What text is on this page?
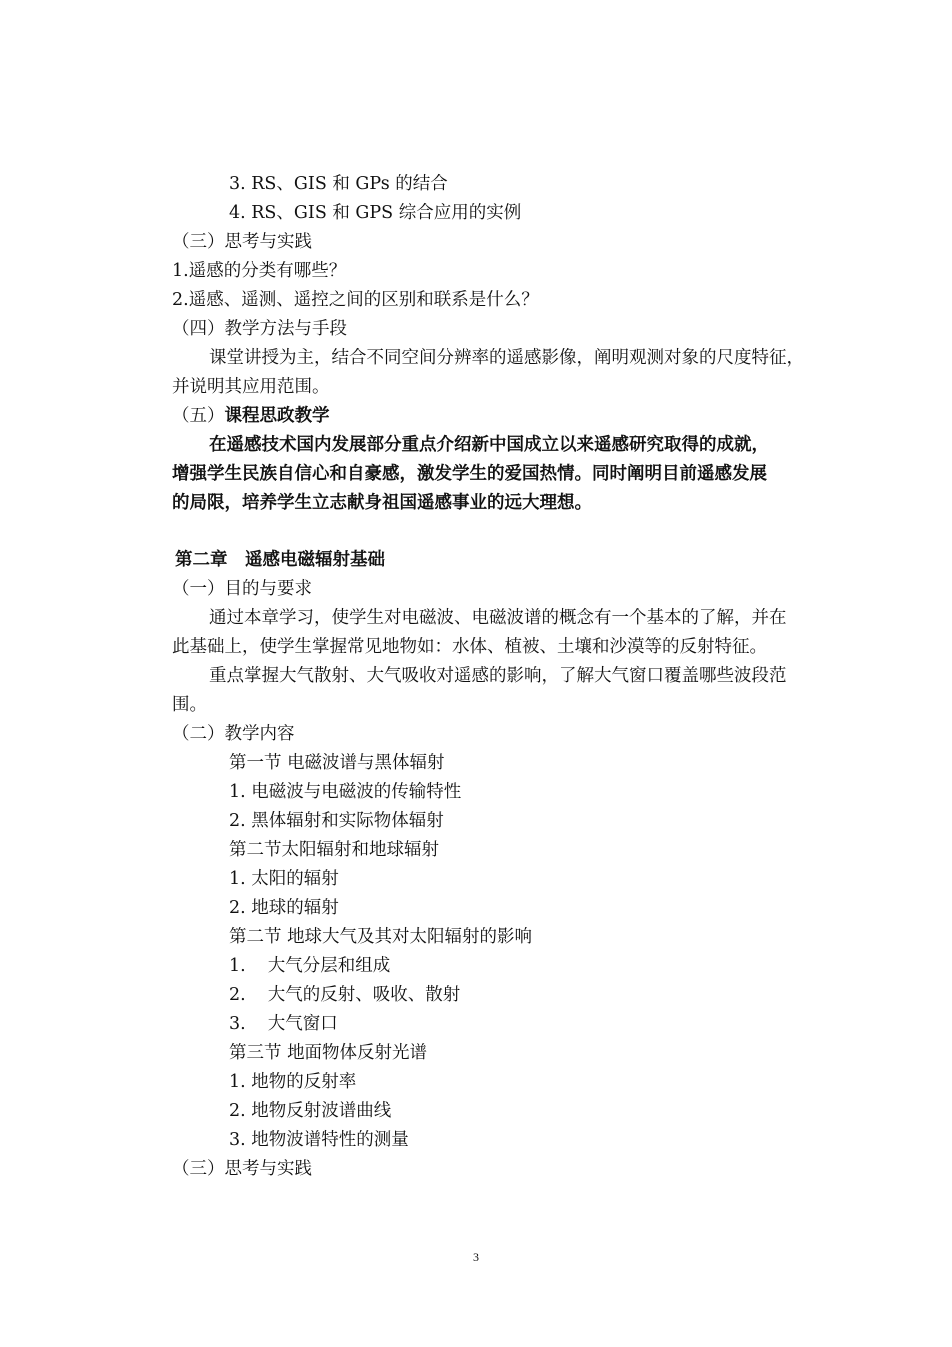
3. RS、GIS 和 GPs 的结合
4. RS、GIS 和 GPS 综合应用的实例
（三）思考与实践
1.遥感的分类有哪些？
2.遥感、遥测、遥控之间的区别和联系是什么？
（四）教学方法与手段
课堂讲授为主，结合不同空间分辨率的遥感影像，阐明观测对象的尺度特征，
并说明其应用范围。
（五）课程思政教学
在遥感技术国内发展部分重点介绍新中国成立以来遥感研究取得的成就，
增强学生民族自信心和自豪感，激发学生的爱国热情。同时阐明目前遥感发展
的局限，培养学生立志献身祖国遥感事业的远大理想。
第二章　遥感电磁辐射基础
（一）目的与要求
通过本章学习，使学生对电磁波、电磁波谱的概念有一个基本的了解，并在
此基础上，使学生掌握常见地物如：水体、植被、土壤和沙漠等的反射特征。
重点掌握大气散射、大气吸收对遥感的影响，了解大气窗口覆盖哪些波段范
围。
（二）教学内容
第一节 电磁波谱与黑体辐射
1. 电磁波与电磁波的传输特性
2. 黑体辐射和实际物体辐射
第二节太阳辐射和地球辐射
1. 太阳的辐射
2. 地球的辐射
第二节 地球大气及其对太阳辐射的影响
1. 大气分层和组成
2. 大气的反射、吸收、散射
3. 大气窗口
第三节 地面物体反射光谱
1. 地物的反射率
2. 地物反射波谱曲线
3. 地物波谱特性的测量
（三）思考与实践
3
